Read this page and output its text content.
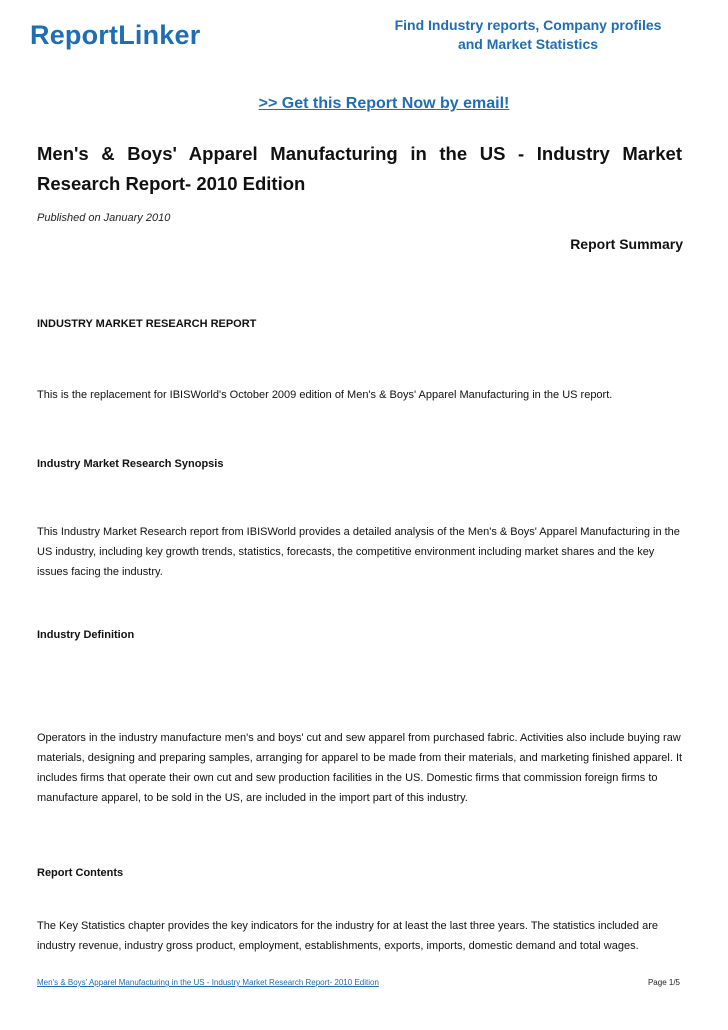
ReportLinker	Find Industry reports, Company profiles
and Market Statistics
>> Get this Report Now by email!
Men's & Boys' Apparel Manufacturing in the US - Industry Market Research Report- 2010 Edition
Published on January 2010
Report Summary
INDUSTRY MARKET RESEARCH REPORT

This is the replacement for IBISWorld's October 2009 edition of Men's & Boys' Apparel Manufacturing in the US report.

Industry Market Research Synopsis

This Industry Market Research report from IBISWorld provides a detailed analysis of the Men's & Boys' Apparel Manufacturing in the US industry, including key growth trends, statistics, forecasts, the competitive environment including market shares and the key issues facing the industry.

Industry Definition

Operators in the industry manufacture men's and boys' cut and sew apparel from purchased fabric. Activities also include buying raw materials, designing and preparing samples, arranging for apparel to be made from their materials, and marketing finished apparel. It includes firms that operate their own cut and sew production facilities in the US. Domestic firms that commission foreign firms to manufacture apparel, to be sold in the US, are included in the import part of this industry.

Report Contents

The Key Statistics chapter provides the key indicators for the industry for at least the last three years. The statistics included are industry revenue, industry gross product, employment, establishments, exports, imports, domestic demand and total wages.

Men's & Boys' Apparel Manufacturing in the US - Industry Market Research Report- 2010 Edition	Page 1/5
